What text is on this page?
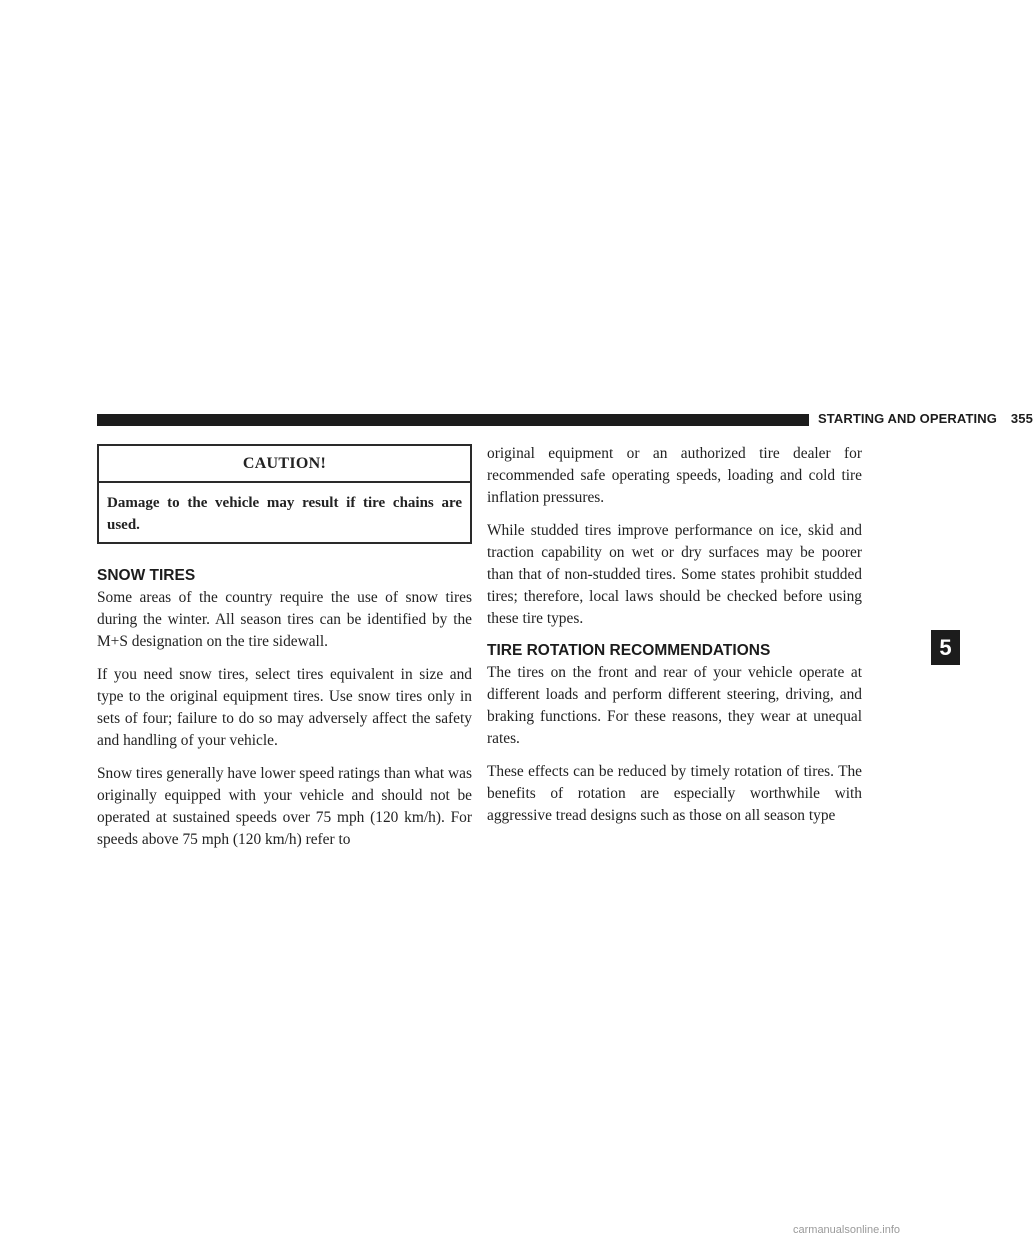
STARTING AND OPERATING 355
CAUTION!
Damage to the vehicle may result if tire chains are used.
SNOW TIRES

Some areas of the country require the use of snow tires during the winter. All season tires can be identified by the M+S designation on the tire sidewall.

If you need snow tires, select tires equivalent in size and type to the original equipment tires. Use snow tires only in sets of four; failure to do so may adversely affect the safety and handling of your vehicle.

Snow tires generally have lower speed ratings than what was originally equipped with your vehicle and should not be operated at sustained speeds over 75 mph (120 km/h). For speeds above 75 mph (120 km/h) refer to

original equipment or an authorized tire dealer for recommended safe operating speeds, loading and cold tire inflation pressures.

While studded tires improve performance on ice, skid and traction capability on wet or dry surfaces may be poorer than that of non-studded tires. Some states prohibit studded tires; therefore, local laws should be checked before using these tire types.

TIRE ROTATION RECOMMENDATIONS

The tires on the front and rear of your vehicle operate at different loads and perform different steering, driving, and braking functions. For these reasons, they wear at unequal rates.

These effects can be reduced by timely rotation of tires. The benefits of rotation are especially worthwhile with aggressive tread designs such as those on all season type

5
carmanualsonline.info
